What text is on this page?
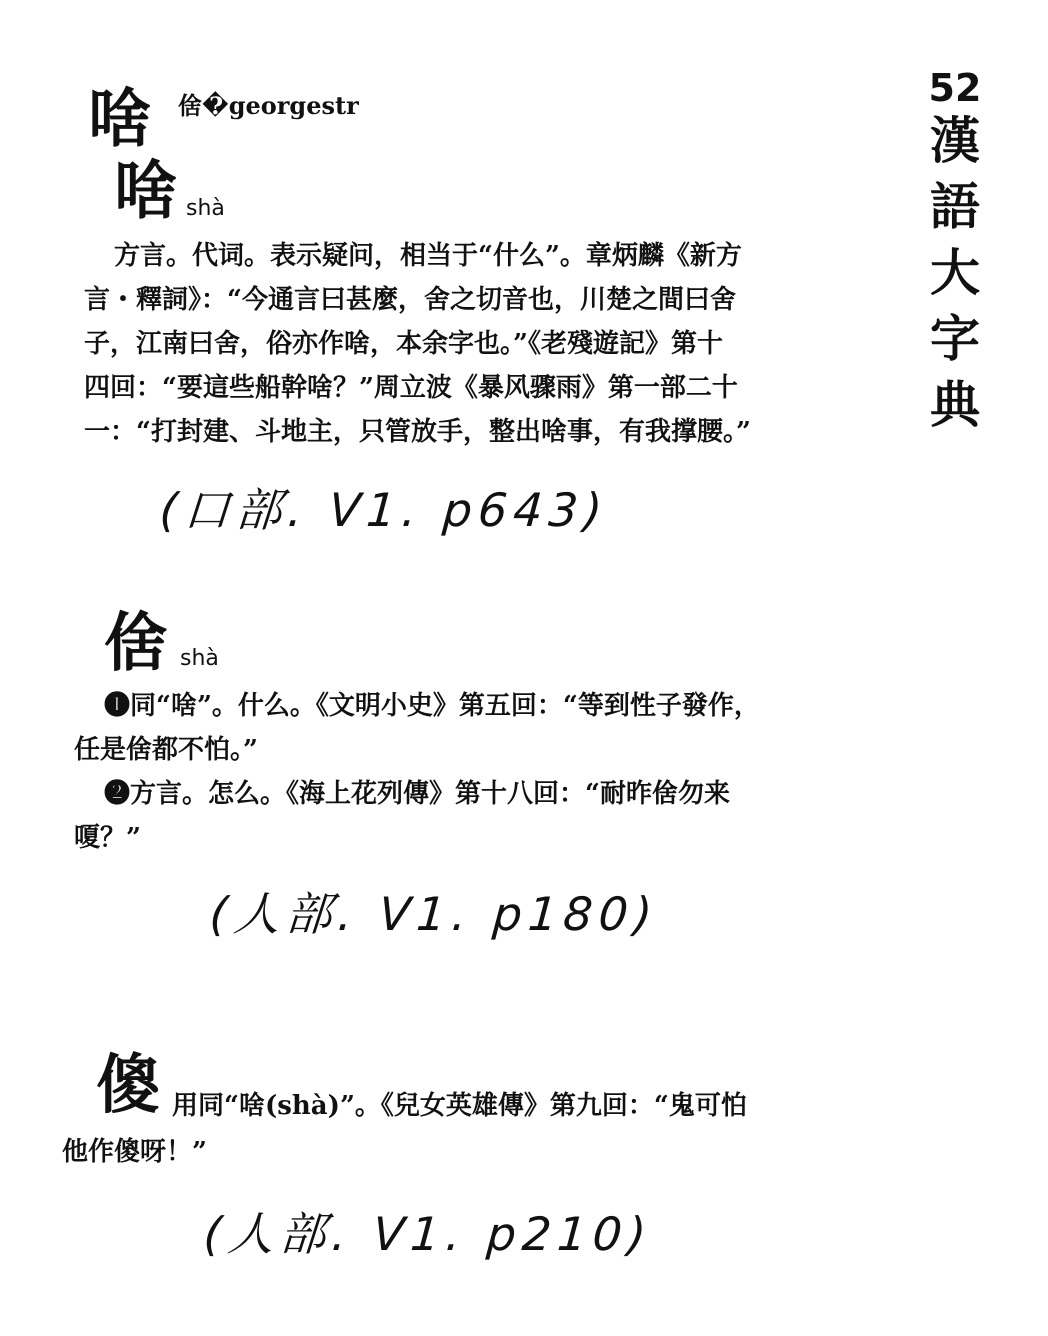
52
漢
語
大
字
典
啥 倽�georgestr
啥 shà
方言。代词。表示疑问，相当于“什么”。章炳麟《新方
言・釋詞》：“今通言曰甚麼，舍之切音也，川楚之間曰舍
子，江南曰舍，俗亦作啥，本余字也。”《老殘遊記》第十
四回：“要這些船幹啥？”周立波《暴风骤雨》第一部二十
一：“打封建、斗地主，只管放手，整出啥事，有我撑腰。”
(口部. V1. p643)
倽 shà
❶同“啥”。什么。《文明小史》第五回：“等到性子發作，
任是倽都不怕。”
❷方言。怎么。《海上花列傳》第十八回：“耐昨倽勿来
嗄？”
(人部. V1. p180)
傻 用同“啥(shà)”。《兒女英雄傳》第九回：“鬼可怕
他作傻呀！”
(人部. V1. p210)
